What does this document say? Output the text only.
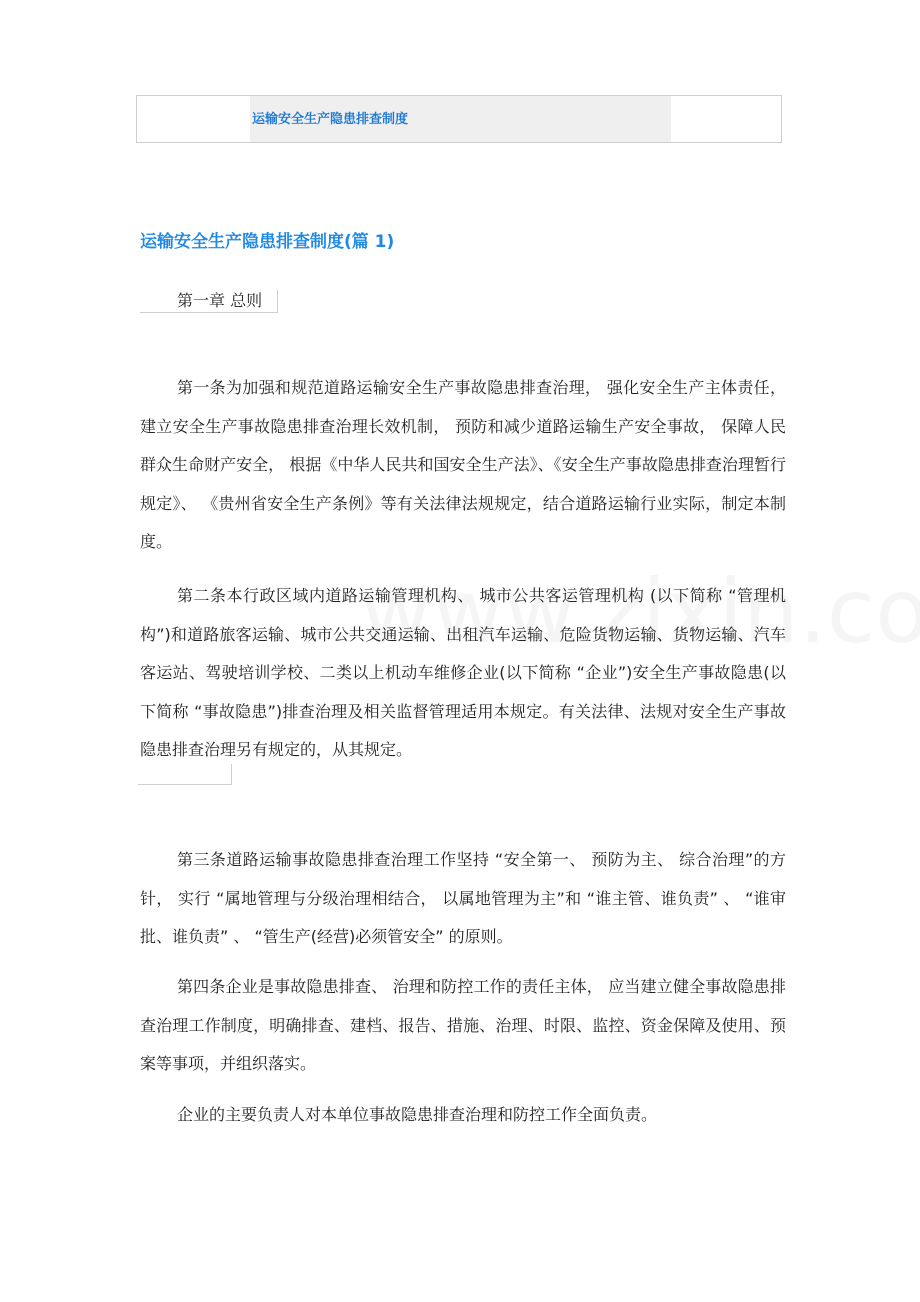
运输安全生产隐患排查制度
运输安全生产隐患排查制度(篇 1)
第一章 总则

第一条为加强和规范道路运输安全生产事故隐患排查治理， 强化安全生产主体责任， 建立安全生产事故隐患排查治理长效机制， 预防和减少道路运输生产安全事故， 保障人民群众生命财产安全， 根据《中华人民共和国安全生产法》、《安全生产事故隐患排查治理暂行规定》、 《贵州省安全生产条例》等有关法律法规规定，结合道路运输行业实际，制定本制度。

第二条本行政区域内道路运输管理机构、 城市公共客运管理机构 (以下简称 “管理机构”)和道路旅客运输、城市公共交通运输、出租汽车运输、危险货物运输、货物运输、汽车客运站、驾驶培训学校、二类以上机动车维修企业(以下简称 “企业”)安全生产事故隐患(以下简称 “事故隐患”)排查治理及相关监督管理适用本规定。有关法律、法规对安全生产事故隐患排查治理另有规定的，从其规定。

第三条道路运输事故隐患排查治理工作坚持 “安全第一、 预防为主、 综合治理”的方针， 实行 “属地管理与分级治理相结合， 以属地管理为主”和 “谁主管、谁负责” 、 “谁审批、谁负责” 、 “管生产(经营)必须管安全” 的原则。

第四条企业是事故隐患排查、 治理和防控工作的责任主体， 应当建立健全事故隐患排查治理工作制度，明确排查、建档、报告、措施、治理、时限、监控、资金保障及使用、预案等事项，并组织落实。

企业的主要负责人对本单位事故隐患排查治理和防控工作全面负责。
